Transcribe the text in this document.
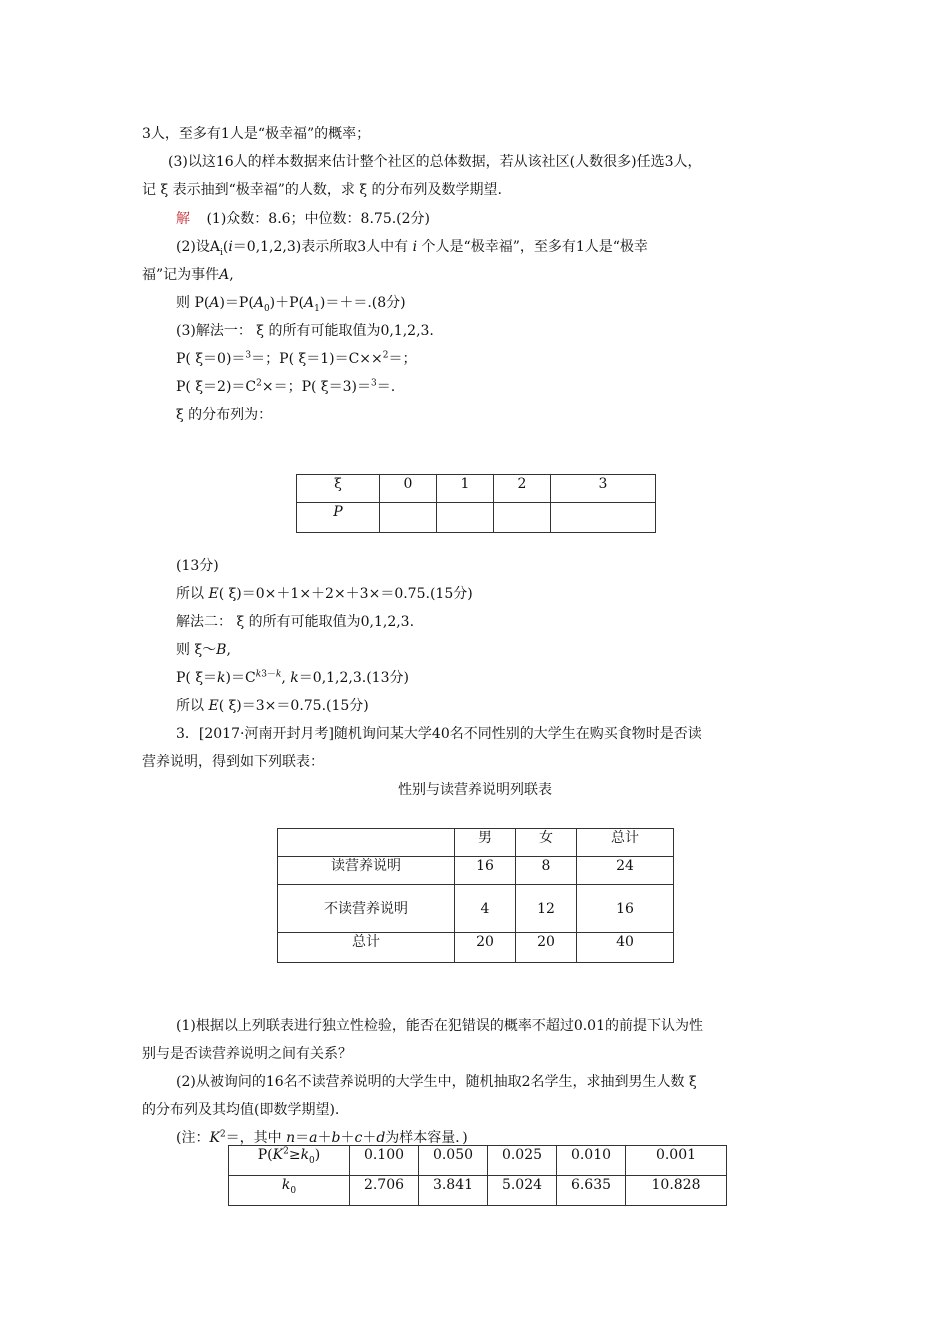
3人，至多有1人是“极幸福”的概率；
(3)以这16人的样本数据来估计整个社区的总体数据，若从该社区(人数很多)任选3人，
记 ξ 表示抽到“极幸福”的人数，求 ξ 的分布列及数学期望.
解 (1)众数：8.6；中位数：8.75.(2分)
(2)设$A_i(i=0,1,2,3)$表示所取3人中有 i 个人是“极幸福”，至多有1人是“极幸
福”记为事件A,
则 $P(A)=P(A_0)+P(A_1)=+=.(8$分)
(3)解法一： ξ 的所有可能取值为0,1,2,3.
P( ξ＝0)＝$^3$＝；P( ξ＝1)＝C××$^2$＝；
P( $\xi=2)=C^2\times=$；P( ξ＝3)＝$^3$＝.
ξ 的分布列为：
ξ	0	1	2	3
P				
(13分)
所以 E( ξ)＝0×＋1×＋2×＋3×＝0.75.(15分)
解法二： ξ 的所有可能取值为0,1,2,3.
则 ξ～B,
P( $\xi=k)=C^{k3-k}$, k＝0,1,2,3.(13分)
所以 E( ξ)＝3×＝0.75.(15分)
3．[2017·河南开封月考]随机询问某大学40名不同性别的大学生在购买食物时是否读
营养说明，得到如下列联表：
性别与读营养说明列联表
	男	女	总计
读营养说明	16	8	24
不读营养说明	4	12	16
总计	20	20	40
(1)根据以上列联表进行独立性检验，能否在犯错误的概率不超过0.01的前提下认为性
别与是否读营养说明之间有关系？
(2)从被询问的16名不读营养说明的大学生中，随机抽取2名学生，求抽到男生人数 ξ
的分布列及其均值(即数学期望).
(注：$K^2=$，其中 n＝a＋b＋c＋d为样本容量．)
$P(K^2\ge k_0)$	0.100	0.050	0.025	0.010	0.001
$k_0$	2.706	3.841	5.024	6.635	10.828
